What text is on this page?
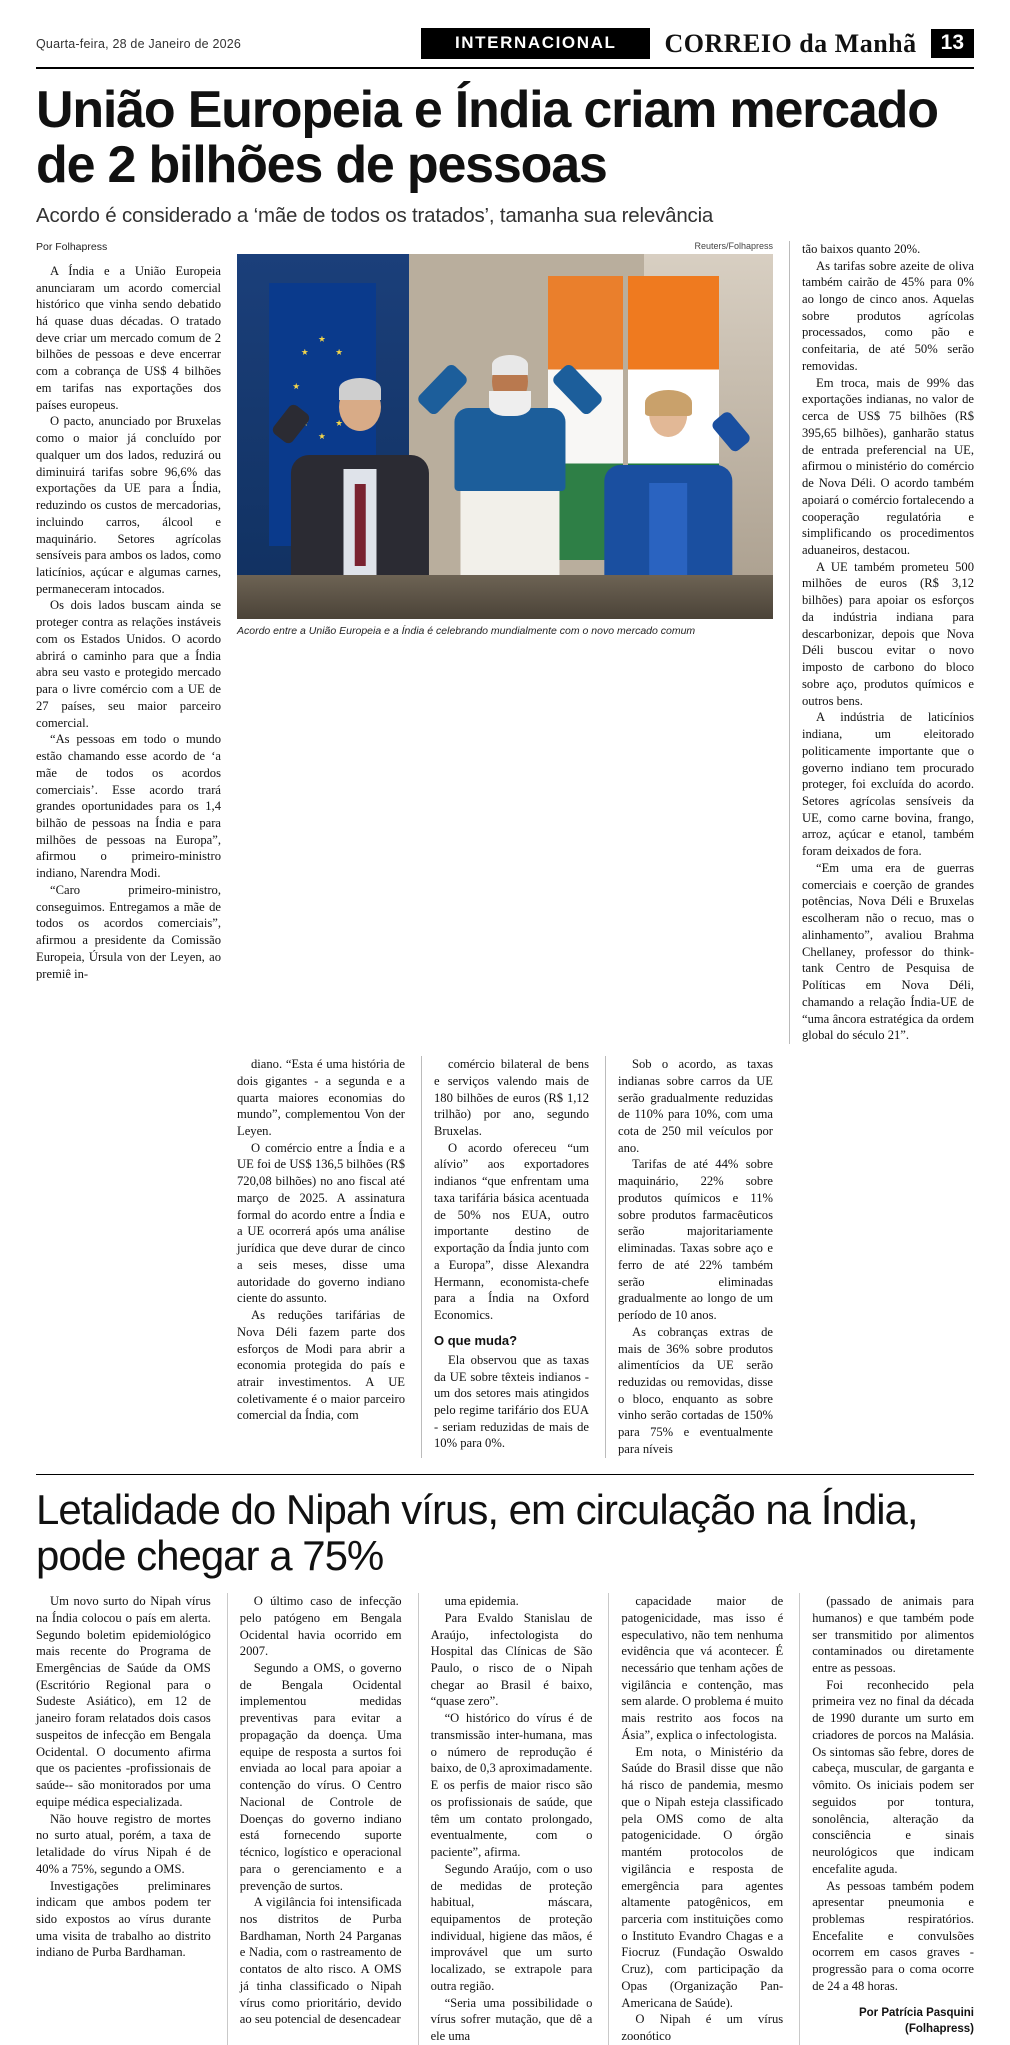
Quarta-feira, 28 de Janeiro de 2026	INTERNACIONAL	CORREIO da Manhã	13
União Europeia e Índia criam mercado de 2 bilhões de pessoas
Acordo é considerado a ‘mãe de todos os tratados’, tamanha sua relevância
Por Folhapress

A Índia e a União Europeia anunciaram um acordo comercial histórico que vinha sendo debatido há quase duas décadas. O tratado deve criar um mercado comum de 2 bilhões de pessoas e deve encerrar com a cobrança de US$ 4 bilhões em tarifas nas exportações dos países europeus.

O pacto, anunciado por Bruxelas como o maior já concluído por qualquer um dos lados, reduzirá ou diminuirá tarifas sobre 96,6% das exportações da UE para a Índia, reduzindo os custos de mercadorias, incluindo carros, álcool e maquinário. Setores agrícolas sensíveis para ambos os lados, como laticínios, açúcar e algumas carnes, permaneceram intocados.

Os dois lados buscam ainda se proteger contra as relações instáveis com os Estados Unidos. O acordo abrirá o caminho para que a Índia abra seu vasto e protegido mercado para o livre comércio com a UE de 27 países, seu maior parceiro comercial.

“As pessoas em todo o mundo estão chamando esse acordo de ‘a mãe de todos os acordos comerciais’. Esse acordo trará grandes oportunidades para os 1,4 bilhão de pessoas na Índia e para milhões de pessoas na Europa”, afirmou o primeiro-ministro indiano, Narendra Modi.

“Caro primeiro-ministro, conseguimos. Entregamos a mãe de todos os acordos comerciais”, afirmou a presidente da Comissão Europeia, Úrsula von der Leyen, ao premiê in-

Reuters/Folhapress
Acordo entre a União Europeia e a Índia é celebrando mundialmente com o novo mercado comum

tão baixos quanto 20%.

As tarifas sobre azeite de oliva também cairão de 45% para 0% ao longo de cinco anos. Aquelas sobre produtos agrícolas processados, como pão e confeitaria, de até 50% serão removidas.

Em troca, mais de 99% das exportações indianas, no valor de cerca de US$ 75 bilhões (R$ 395,65 bilhões), ganharão status de entrada preferencial na UE, afirmou o ministério do comércio de Nova Déli. O acordo também apoiará o comércio fortalecendo a cooperação regulatória e simplificando os procedimentos aduaneiros, destacou.

A UE também prometeu 500 milhões de euros (R$ 3,12 bilhões) para apoiar os esforços da indústria indiana para descarbonizar, depois que Nova Déli buscou evitar o novo imposto de carbono do bloco sobre aço, produtos químicos e outros bens.

A indústria de laticínios indiana, um eleitorado politicamente importante que o governo indiano tem procurado proteger, foi excluída do acordo. Setores agrícolas sensíveis da UE, como carne bovina, frango, arroz, açúcar e etanol, também foram deixados de fora.

“Em uma era de guerras comerciais e coerção de grandes potências, Nova Déli e Bruxelas escolheram não o recuo, mas o alinhamento”, avaliou Brahma Chellaney, professor do think-tank Centro de Pesquisa de Políticas em Nova Déli, chamando a relação Índia-UE de “uma âncora estratégica da ordem global do século 21”.

diano. “Esta é uma história de dois gigantes - a segunda e a quarta maiores economias do mundo”, complementou Von der Leyen.

O comércio entre a Índia e a UE foi de US$ 136,5 bilhões (R$ 720,08 bilhões) no ano fiscal até março de 2025. A assinatura formal do acordo entre a Índia e a UE ocorrerá após uma análise jurídica que deve durar de cinco a seis meses, disse uma autoridade do governo indiano ciente do assunto.

As reduções tarifárias de Nova Déli fazem parte dos esforços de Modi para abrir a economia protegida do país e atrair investimentos. A UE coletivamente é o maior parceiro comercial da Índia, com

comércio bilateral de bens e serviços valendo mais de 180 bilhões de euros (R$ 1,12 trilhão) por ano, segundo Bruxelas.

O acordo ofereceu “um alívio” aos exportadores indianos “que enfrentam uma taxa tarifária básica acentuada de 50% nos EUA, outro importante destino de exportação da Índia junto com a Europa”, disse Alexandra Hermann, economista-chefe para a Índia na Oxford Economics.

O que muda?

Ela observou que as taxas da UE sobre têxteis indianos - um dos setores mais atingidos pelo regime tarifário dos EUA - seriam reduzidas de mais de 10% para 0%.

Sob o acordo, as taxas indianas sobre carros da UE serão gradualmente reduzidas de 110% para 10%, com uma cota de 250 mil veículos por ano.

Tarifas de até 44% sobre maquinário, 22% sobre produtos químicos e 11% sobre produtos farmacêuticos serão majoritariamente eliminadas. Taxas sobre aço e ferro de até 22% também serão eliminadas gradualmente ao longo de um período de 10 anos.

As cobranças extras de mais de 36% sobre produtos alimentícios da UE serão reduzidas ou removidas, disse o bloco, enquanto as sobre vinho serão cortadas de 150% para 75% e eventualmente para níveis

Letalidade do Nipah vírus, em circulação na Índia, pode chegar a 75%

Um novo surto do Nipah vírus na Índia colocou o país em alerta. Segundo boletim epidemiológico mais recente do Programa de Emergências de Saúde da OMS (Escritório Regional para o Sudeste Asiático), em 12 de janeiro foram relatados dois casos suspeitos de infecção em Bengala Ocidental. O documento afirma que os pacientes -profissionais de saúde-- são monitorados por uma equipe médica especializada.

Não houve registro de mortes no surto atual, porém, a taxa de letalidade do vírus Nipah é de 40% a 75%, segundo a OMS.

Investigações preliminares indicam que ambos podem ter sido expostos ao vírus durante uma visita de trabalho ao distrito indiano de Purba Bardhaman.

O último caso de infecção pelo patógeno em Bengala Ocidental havia ocorrido em 2007.

Segundo a OMS, o governo de Bengala Ocidental implementou medidas preventivas para evitar a propagação da doença. Uma equipe de resposta a surtos foi enviada ao local para apoiar a contenção do vírus. O Centro Nacional de Controle de Doenças do governo indiano está fornecendo suporte técnico, logístico e operacional para o gerenciamento e a prevenção de surtos.

A vigilância foi intensificada nos distritos de Purba Bardhaman, North 24 Parganas e Nadia, com o rastreamento de contatos de alto risco. A OMS já tinha classificado o Nipah vírus como prioritário, devido ao seu potencial de desencadear

uma epidemia.

Para Evaldo Stanislau de Araújo, infectologista do Hospital das Clínicas de São Paulo, o risco de o Nipah chegar ao Brasil é baixo, “quase zero”.

“O histórico do vírus é de transmissão inter-humana, mas o número de reprodução é baixo, de 0,3 aproximadamente. E os perfis de maior risco são os profissionais de saúde, que têm um contato prolongado, eventualmente, com o paciente”, afirma.

Segundo Araújo, com o uso de medidas de proteção habitual, máscara, equipamentos de proteção individual, higiene das mãos, é improvável que um surto localizado, se extrapole para outra região.

“Seria uma possibilidade o vírus sofrer mutação, que dê a ele uma

capacidade maior de patogenicidade, mas isso é especulativo, não tem nenhuma evidência que vá acontecer. É necessário que tenham ações de vigilância e contenção, mas sem alarde. O problema é muito mais restrito aos focos na Ásia”, explica o infectologista.

Em nota, o Ministério da Saúde do Brasil disse que não há risco de pandemia, mesmo que o Nipah esteja classificado pela OMS como de alta patogenicidade. O órgão mantém protocolos de vigilância e resposta de emergência para agentes altamente patogênicos, em parceria com instituições como o Instituto Evandro Chagas e a Fiocruz (Fundação Oswaldo Cruz), com participação da Opas (Organização Pan-Americana de Saúde).

O Nipah é um vírus zoonótico

(passado de animais para humanos) e que também pode ser transmitido por alimentos contaminados ou diretamente entre as pessoas.

Foi reconhecido pela primeira vez no final da década de 1990 durante um surto em criadores de porcos na Malásia. Os sintomas são febre, dores de cabeça, muscular, de garganta e vômito. Os iniciais podem ser seguidos por tontura, sonolência, alteração da consciência e sinais neurológicos que indicam encefalite aguda.

As pessoas também podem apresentar pneumonia e problemas respiratórios. Encefalite e convulsões ocorrem em casos graves - progressão para o coma ocorre de 24 a 48 horas.

Por Patrícia Pasquini
(Folhapress)
